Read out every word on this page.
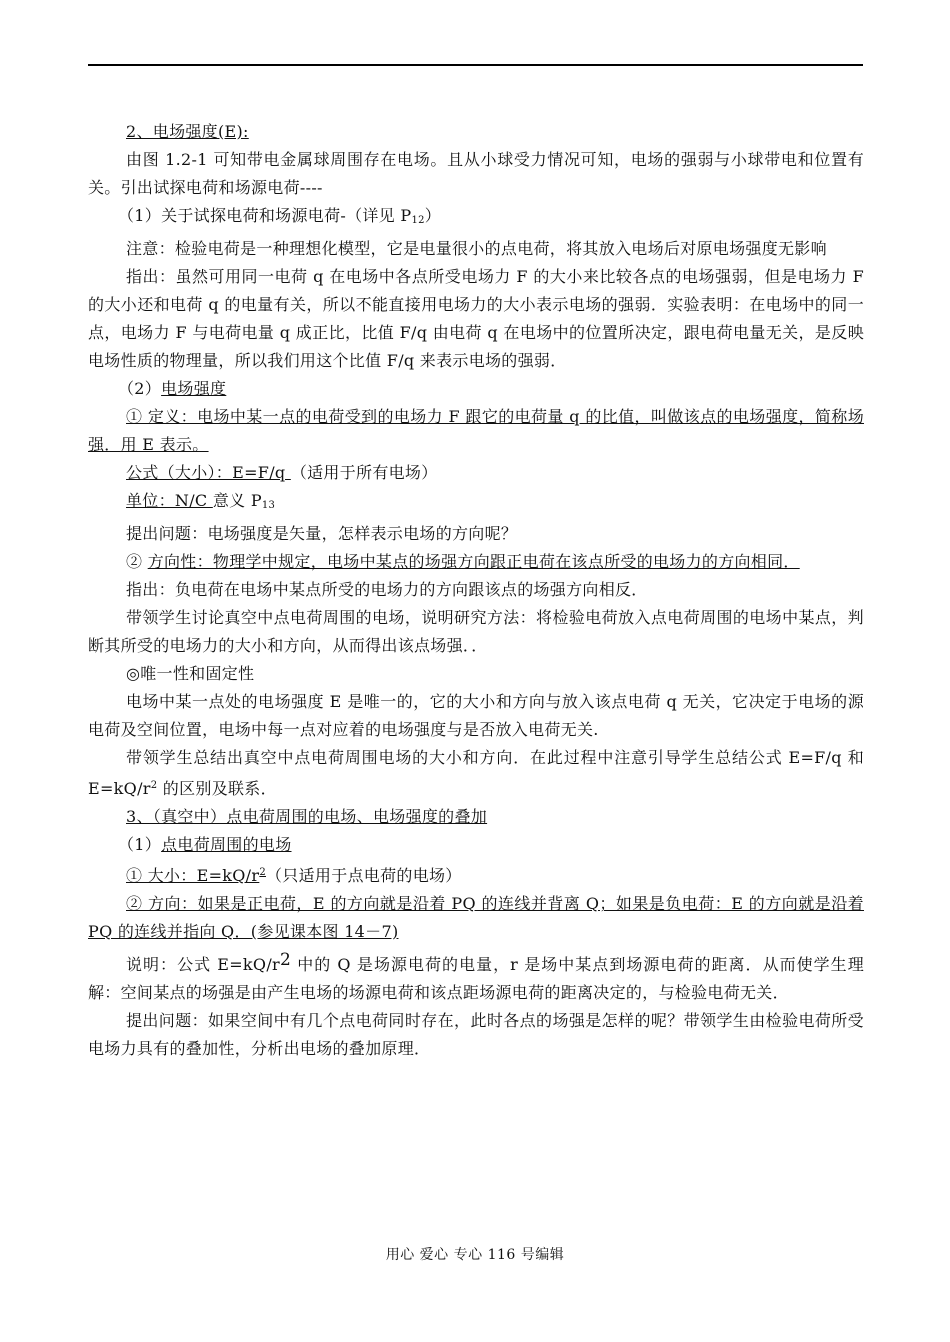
2、电场强度(E):

由图 1.2-1 可知带电金属球周围存在电场。且从小球受力情况可知，电场的强弱与小球带电和位置有关。引出试探电荷和场源电荷----

（1）关于试探电荷和场源电荷-（详见 $P_{12}$）

注意：检验电荷是一种理想化模型，它是电量很小的点电荷，将其放入电场后对原电场强度无影响

指出：虽然可用同一电荷 q 在电场中各点所受电场力 F 的大小来比较各点的电场强弱，但是电场力 F 的大小还和电荷 q 的电量有关，所以不能直接用电场力的大小表示电场的强弱．实验表明：在电场中的同一点，电场力 F 与电荷电量 q 成正比，比值 F/q 由电荷 q 在电场中的位置所决定，跟电荷电量无关，是反映电场性质的物理量，所以我们用这个比值 F/q 来表示电场的强弱．

（2）电场强度

① 定义：电场中某一点的电荷受到的电场力 F 跟它的电荷量 q 的比值，叫做该点的电场强度，简称场强．用 E 表示。

公式（大小）：E=F/q （适用于所有电场）

单位：N/C 意义 $P_{13}$

提出问题：电场强度是矢量，怎样表示电场的方向呢？

② 方向性：物理学中规定，电场中某点的场强方向跟正电荷在该点所受的电场力的方向相同．

指出：负电荷在电场中某点所受的电场力的方向跟该点的场强方向相反．

带领学生讨论真空中点电荷周围的电场，说明研究方法：将检验电荷放入点电荷周围的电场中某点，判断其所受的电场力的大小和方向，从而得出该点场强．．

◎唯一性和固定性

电场中某一点处的电场强度 E 是唯一的，它的大小和方向与放入该点电荷 q 无关，它决定于电场的源电荷及空间位置，电场中每一点对应着的电场强度与是否放入电荷无关.

带领学生总结出真空中点电荷周围电场的大小和方向．在此过程中注意引导学生总结公式 E=F/q 和 $E=kQ/r^2$ 的区别及联系．

3、（真空中）点电荷周围的电场、电场强度的叠加

（1）点电荷周围的电场

① 大小：$E=kQ/r^2$（只适用于点电荷的电场）

② 方向：如果是正电荷，E 的方向就是沿着 PQ 的连线并背离 Q；如果是负电荷：E 的方向就是沿着 PQ 的连线并指向 Q．(参见课本图 14－7)

说明：公式 E=kQ/r2 中的 Q 是场源电荷的电量，r 是场中某点到场源电荷的距离．从而使学生理解：空间某点的场强是由产生电场的场源电荷和该点距场源电荷的距离决定的，与检验电荷无关．

提出问题：如果空间中有几个点电荷同时存在，此时各点的场强是怎样的呢？带领学生由检验电荷所受电场力具有的叠加性，分析出电场的叠加原理．

用心 爱心 专心 116 号编辑
